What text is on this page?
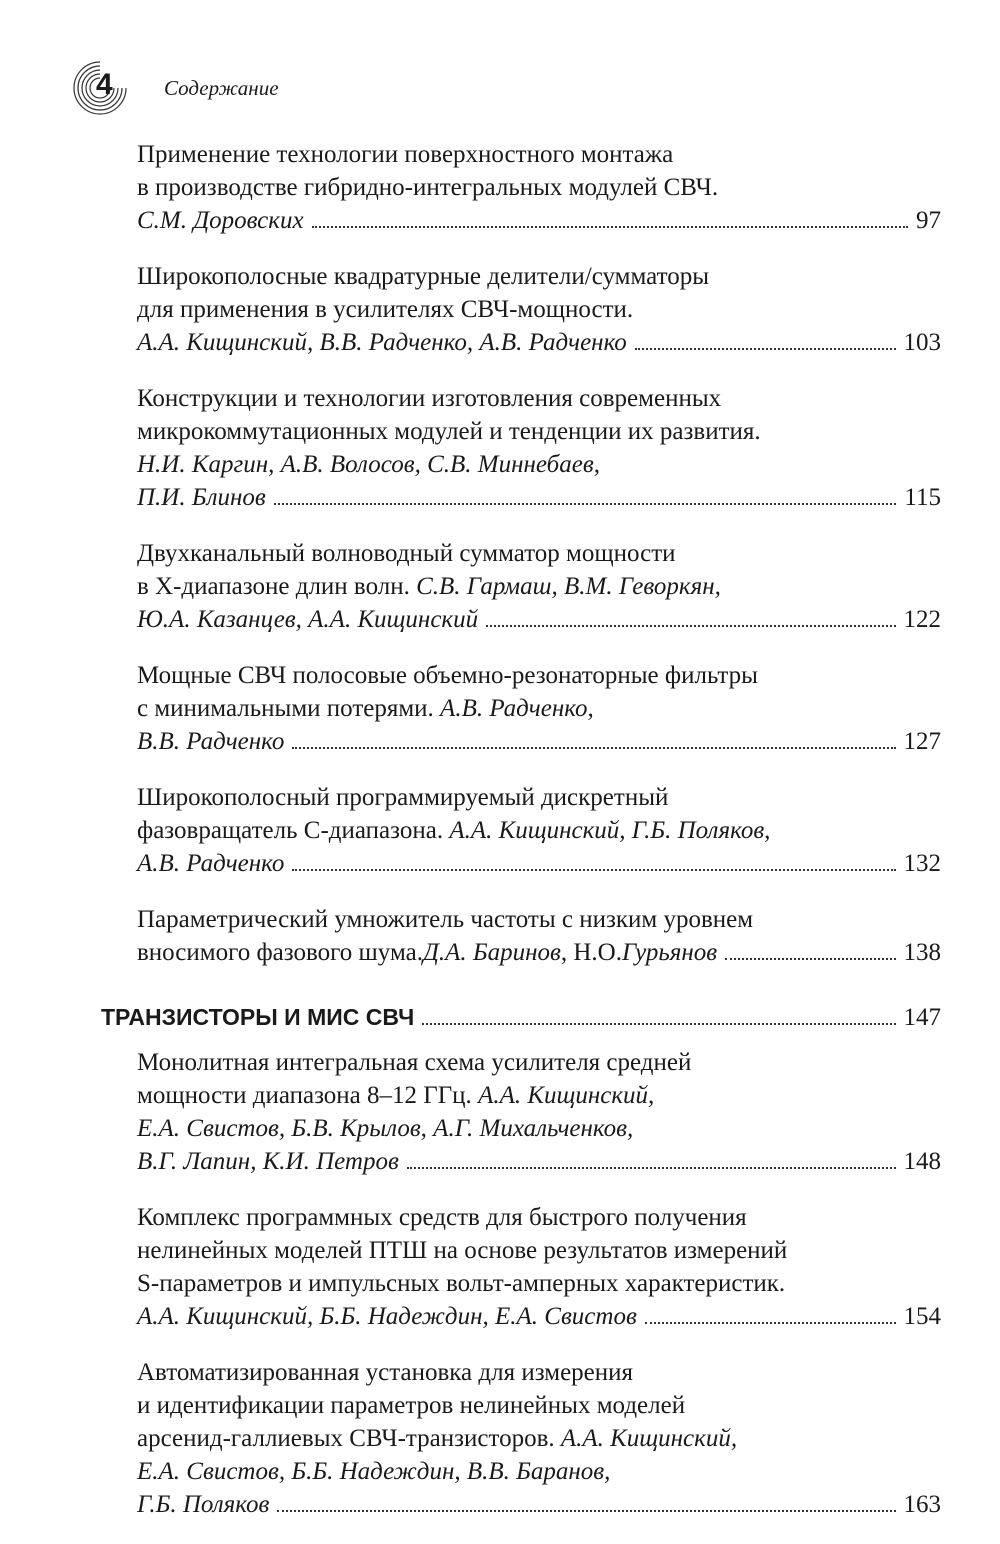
4 Содержание
Применение технологии поверхностного монтажа
в производстве гибридно-интегральных модулей СВЧ.
С.М. Доровских	97
Широкополосные квадратурные делители/сумматоры
для применения в усилителях СВЧ-мощности.
А.А. Кищинский, В.В. Радченко, А.В. Радченко	103
Конструкции и технологии изготовления современных
микрокоммутационных модулей и тенденции их развития.
Н.И. Каргин, А.В. Волосов, С.В. Миннебаев,
П.И. Блинов	115
Двухканальный волноводный сумматор мощности
в Х-диапазоне длин волн. С.В. Гармаш, В.М. Геворкян,
Ю.А. Казанцев, А.А. Кищинский	122
Мощные СВЧ полосовые объемно-резонаторные фильтры
с минимальными потерями. А.В. Радченко,
В.В. Радченко	127
Широкополосный программируемый дискретный
фазовращатель С-диапазона. А.А. Кищинский, Г.Б. Поляков,
А.В. Радченко	132
Параметрический умножитель частоты с низким уровнем
вносимого фазового шума. Д.А. Баринов , Н.О. Гурьянов	138
ТРАНЗИСТОРЫ И МИС СВЧ	147
Монолитная интегральная схема усилителя средней
мощности диапазона 8–12 ГГц. А.А. Кищинский,
Е.А. Свистов, Б.В. Крылов, А.Г. Михальченков,
В.Г. Лапин, К.И. Петров	148
Комплекс программных средств для быстрого получения
нелинейных моделей ПТШ на основе результатов измерений
S-параметров и импульсных вольт-амперных характеристик.
А.А. Кищинский, Б.Б. Надеждин, Е.А. Свистов	154
Автоматизированная установка для измерения
и идентификации параметров нелинейных моделей
арсенид-галлиевых СВЧ-транзисторов. А.А. Кищинский,
Е.А. Свистов, Б.Б. Надеждин, В.В. Баранов,
Г.Б. Поляков	163
